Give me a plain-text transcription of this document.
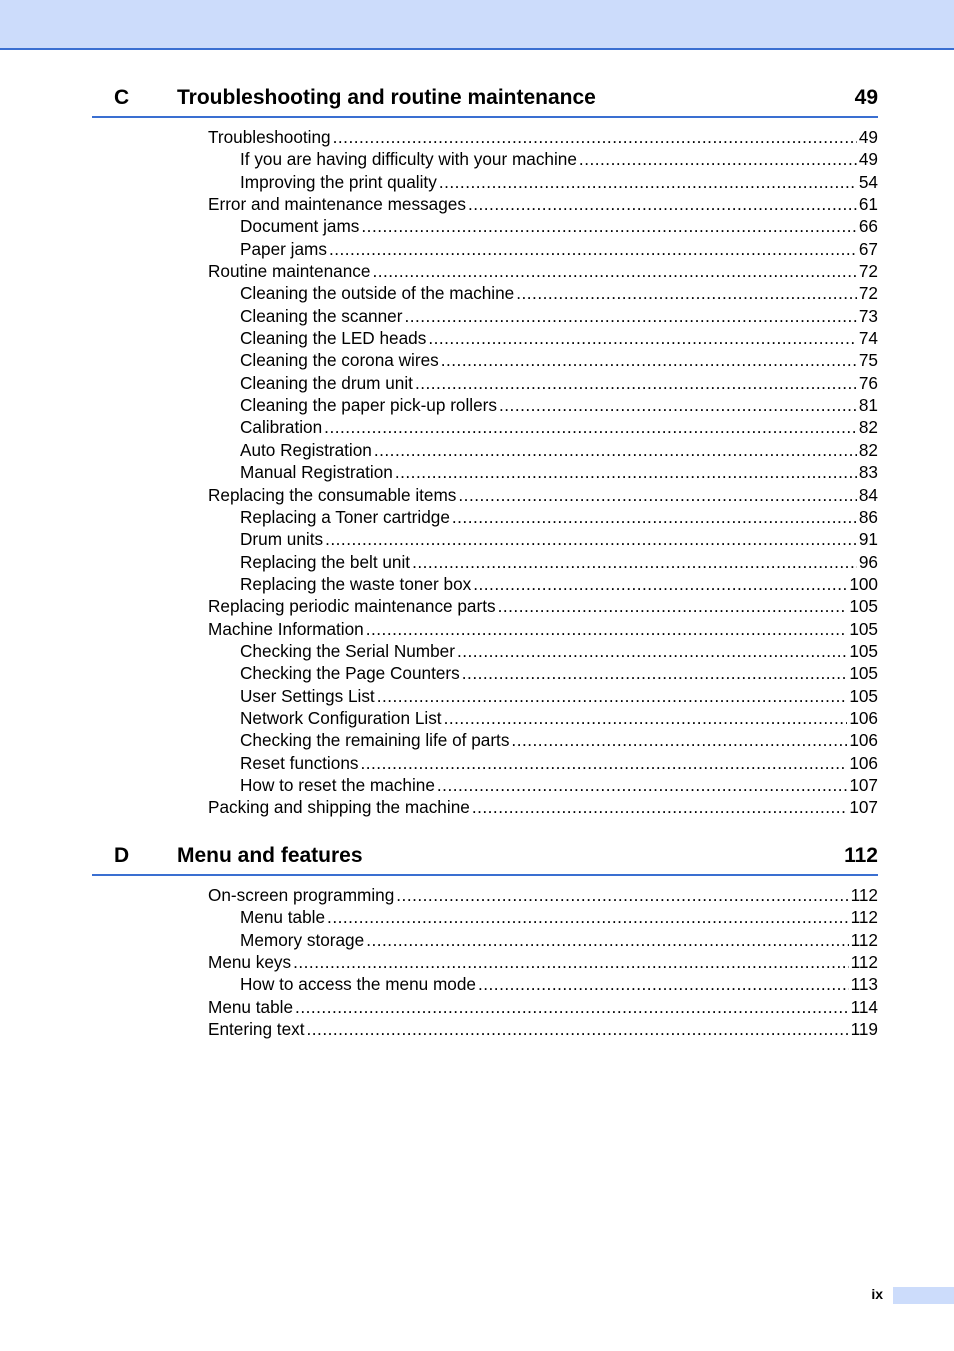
C Troubleshooting and routine maintenance	49
Troubleshooting .....	49
If you are having difficulty with your machine .....	49
Improving the print quality .....	54
Error and maintenance messages .....	61
Document jams .....	66
Paper jams .....	67
Routine maintenance .....	72
Cleaning the outside of the machine .....	72
Cleaning the scanner .....	73
Cleaning the LED heads .....	74
Cleaning the corona wires .....	75
Cleaning the drum unit .....	76
Cleaning the paper pick-up rollers .....	81
Calibration .....	82
Auto Registration .....	82
Manual Registration .....	83
Replacing the consumable items .....	84
Replacing a Toner cartridge .....	86
Drum units .....	91
Replacing the belt unit .....	96
Replacing the waste toner box .....	100
Replacing periodic maintenance parts .....	105
Machine Information .....	105
Checking the Serial Number .....	105
Checking the Page Counters .....	105
User Settings List .....	105
Network Configuration List .....	106
Checking the remaining life of parts .....	106
Reset functions .....	106
How to reset the machine .....	107
Packing and shipping the machine .....	107
D Menu and features	112
On-screen programming .....	112
Menu table .....	112
Memory storage .....	112
Menu keys .....	112
How to access the menu mode .....	113
Menu table .....	114
Entering text .....	119
ix
